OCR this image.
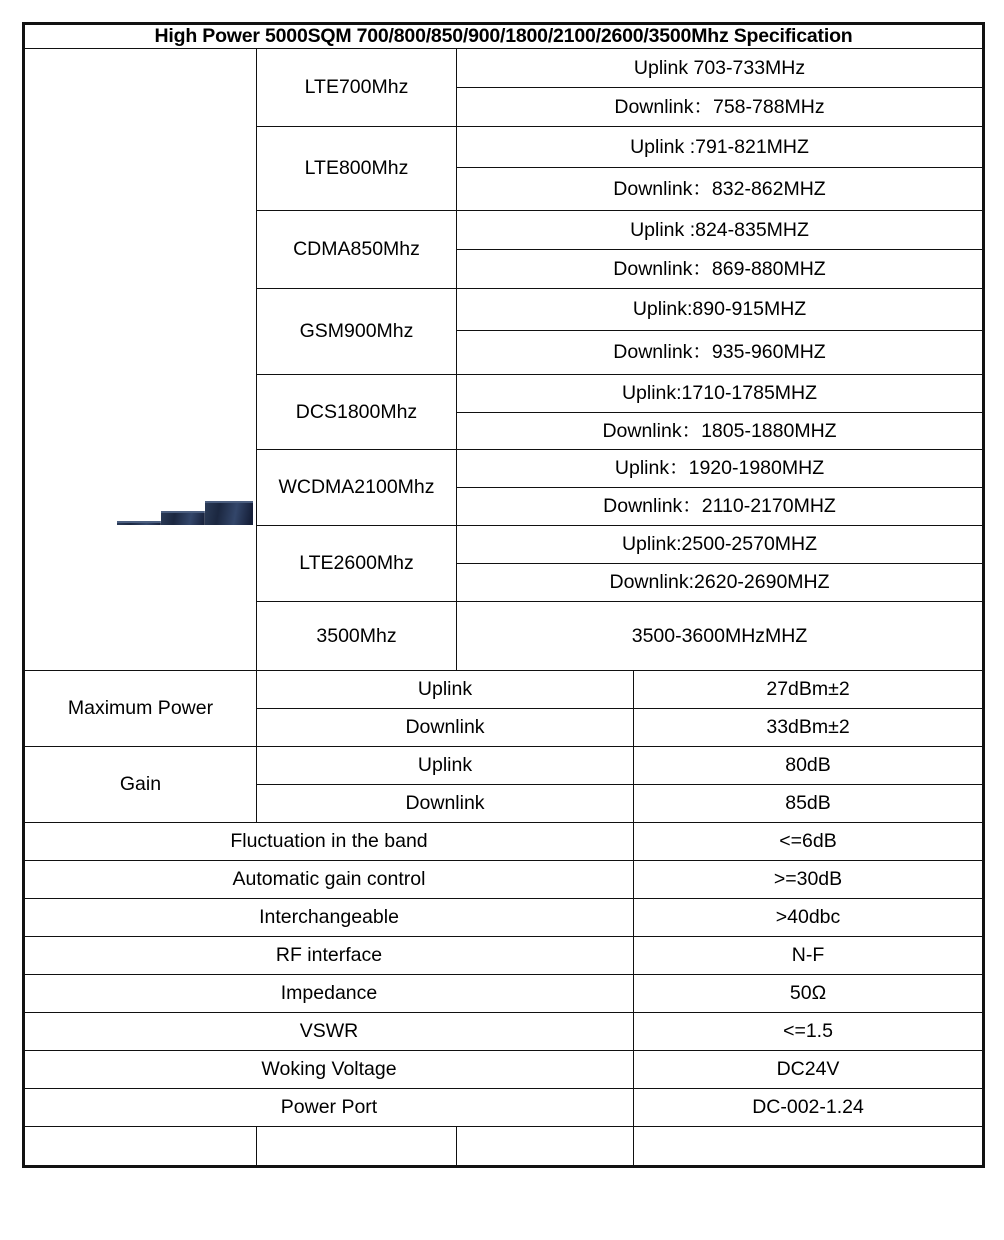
High Power 5000SQM 700/800/850/900/1800/2100/2600/3500Mhz Specification			

	LTE700Mhz	Uplink 703-733MHz	
		Downlink：758-788MHz	
	LTE800Mhz	Uplink :791-821MHZ	
		Downlink：832-862MHZ	
	CDMA850Mhz	Uplink :824-835MHZ	
		Downlink：869-880MHZ	
	GSM900Mhz	Uplink:890-915MHZ	
		Downlink：935-960MHZ	
	DCS1800Mhz	Uplink:1710-1785MHZ	
		Downlink：1805-1880MHZ	
	WCDMA2100Mhz	Uplink：1920-1980MHZ	
		Downlink：2110-2170MHZ	
	LTE2600Mhz	Uplink:2500-2570MHZ	
		Downlink:2620-2690MHZ	
	3500Mhz	3500-3600MHzMHZ	
Maximum Power	Uplink		27dBm±2
	Downlink		33dBm±2
Gain	Uplink		80dB
	Downlink		85dB
Fluctuation in the band			<=6dB
Automatic gain control			>=30dB
Interchangeable			>40dbc
RF interface			N-F
Impedance			50Ω
VSWR			<=1.5
Woking Voltage			DC24V
Power Port			DC-002-1.24
